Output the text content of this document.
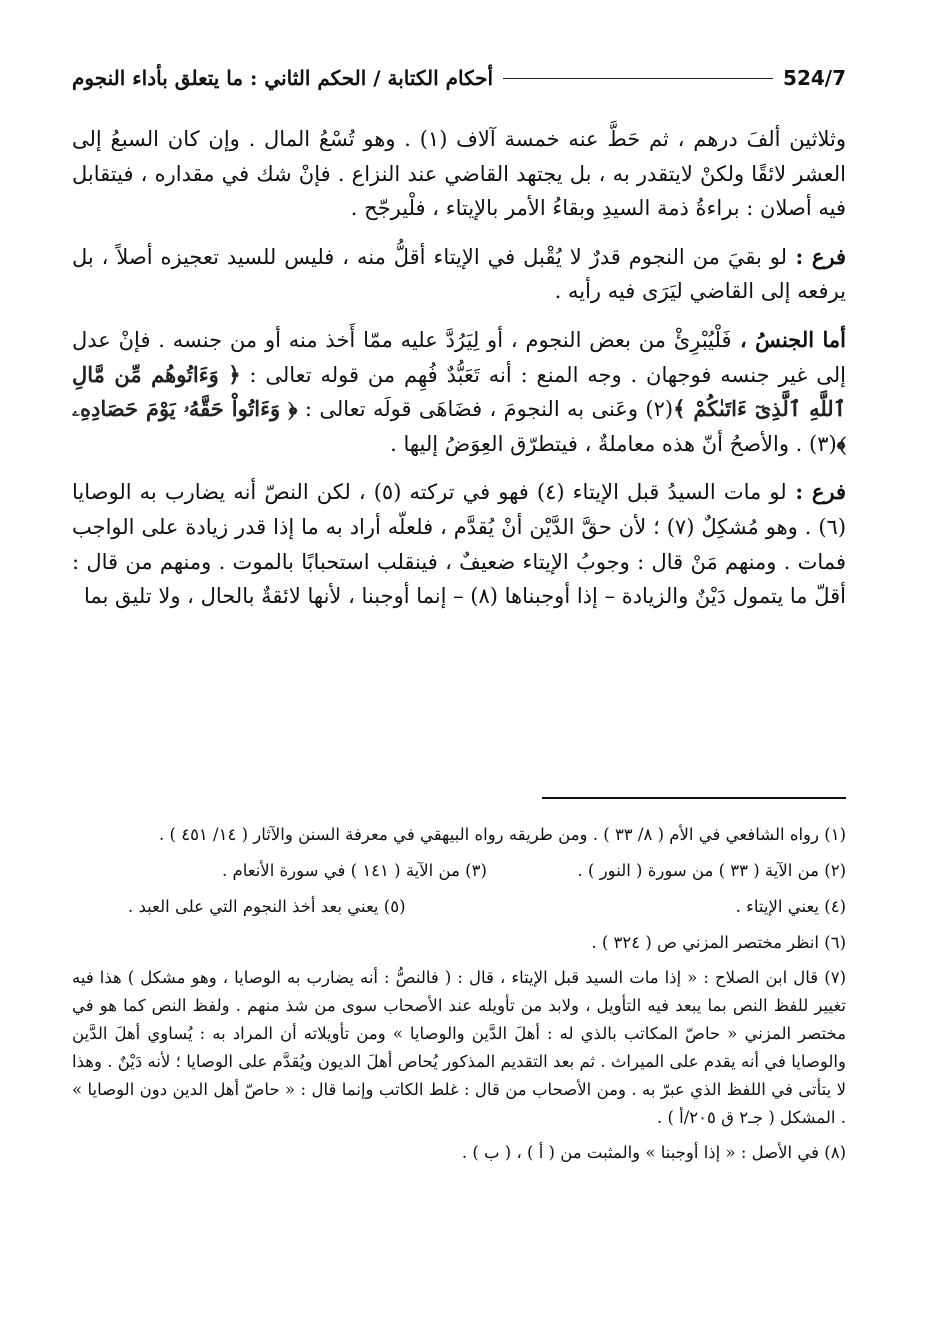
524/7
أحكام الكتابة / الحكم الثاني : ما يتعلق بأداء النجوم

وثلاثين ألفَ درهم ، ثم حَطَّ عنه خمسة آلاف (١) . وهو تُسْعُ المال . وإن كان السبعُ إلى العشر لائقًا ولكنْ لايتقدر به ، بل يجتهد القاضي عند النزاع . فإنْ شك في مقداره ، فيتقابل فيه أصلان : براءةُ ذمة السيدِ وبقاءُ الأمر بالإيتاء ، فلْيرجّح .

فرع : لو بقيَ من النجوم قدرٌ لا يُقْبل في الإيتاء أقلُّ منه ، فليس للسيد تعجيزه أصلاً ، بل يرفعه إلى القاضي ليَرَى فيه رأيه .

أما الجنسُ ، فَلْيُبْرِئْ من بعض النجوم ، أو لِيَرُدَّ عليه ممّا أَخذ منه أو من جنسه . فإنْ عدل إلى غير جنسه فوجهان . وجه المنع : أنه تَعَبُّدٌ فُهِم من قوله تعالى : ﴿ وَءَاتُوهُم مِّن مَّالِ ٱللَّهِ ٱلَّذِىٓ ءَاتَىٰكُمْ ﴾(٢) وعَنى به النجومَ ، فضَاهَى قولَه تعالى : ﴿ وَءَاتُواْ حَقَّهُۥ يَوْمَ حَصَادِهِۦ ﴾(٣) . والأصحُ أنّ هذه معاملةٌ ، فيتطرّق العِوَضُ إليها .

فرع : لو مات السيدُ قبل الإيتاء (٤) فهو في تركته (٥) ، لكن النصّ أنه يضارب به الوصايا (٦) . وهو مُشكِلٌ (٧) ؛ لأن حقَّ الدَّيْن أنْ يُقدَّم ، فلعلّه أراد به ما إذا قدر زيادة على الواجب فمات . ومنهم مَنْ قال : وجوبُ الإيتاء ضعيفٌ ، فينقلب استحبابًا بالموت . ومنهم من قال : أقلّ ما يتمول دَيْنٌ والزيادة – إذا أوجبناها (٨) – إنما أوجبنا ، لأنها لائقةٌ بالحال ، ولا تليق بما

(١) رواه الشافعي في الأم ( ٨/ ٣٣ ) . ومن طريقه رواه البيهقي في معرفة السنن والآثار ( ١٤/ ٤٥١ ) .
(٢) من الآية ( ٣٣ ) من سورة ( النور ) .
(٣) من الآية ( ١٤١ ) في سورة الأنعام .
(٤) يعني الإيتاء .
(٥) يعني بعد أخذ النجوم التي على العبد .
(٦) انظر مختصر المزني ص ( ٣٢٤ ) .
(٧) قال ابن الصلاح : « إذا مات السيد قبل الإيتاء ، قال : ( فالنصُّ : أنه يضارب به الوصايا ، وهو مشكل ) هذا فيه تغيير للفظ النص بما يبعد فيه التأويل ، ولابد من تأويله عند الأصحاب سوى من شذ منهم . ولفظ النص كما هو في مختصر المزني « حاصّ المكاتب بالذي له : أهلَ الدَّين والوصايا » ومن تأويلاته أن المراد به : يُساوي أهلَ الدَّين والوصايا في أنه يقدم على الميراث . ثم بعد التقديم المذكور يُحاص أهلَ الديون ويُقدَّم على الوصايا ؛ لأنه دَيْنٌ . وهذا لا يتأتى في اللفظ الذي عبرّ به . ومن الأصحاب من قال : غلط الكاتب وإنما قال : « حاصّ أهل الدين دون الوصايا » . المشكل ( جـ٢ ق ٢٠٥/أ ) .
(٨) في الأصل : « إذا أوجبنا » والمثبت من ( أ ) ، ( ب ) .
